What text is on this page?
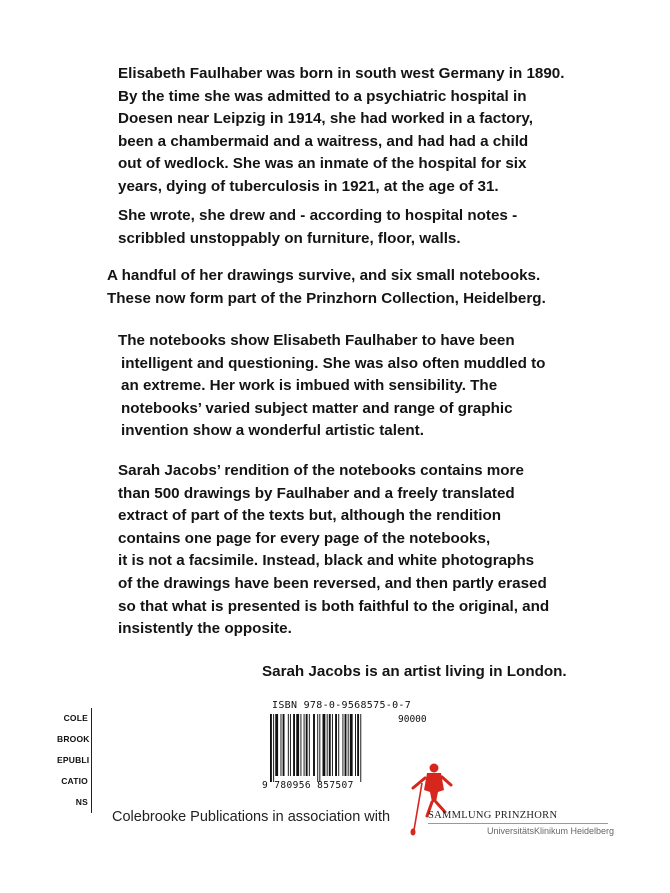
Elisabeth Faulhaber was born in south west Germany in 1890.
By the time she was admitted to a psychiatric hospital in
Doesen near Leipzig in 1914, she had worked in a factory,
been a chambermaid and a waitress, and had had a child
out of wedlock. She was an inmate of the hospital for six
years, dying of tuberculosis in 1921, at the age of 31.
She wrote, she drew and - according to hospital notes -
scribbled unstoppably on furniture, floor, walls.
A handful of her drawings survive, and six small notebooks.
These now form part of the Prinzhorn Collection, Heidelberg.
The notebooks show Elisabeth Faulhaber to have been
intelligent and questioning. She was also often muddled to
an extreme. Her work is imbued with sensibility. The
notebooks’ varied subject matter and range of graphic
invention show a wonderful artistic talent.
Sarah Jacobs’ rendition of the notebooks contains more
than 500 drawings by Faulhaber and a freely translated
extract of part of the texts but, although the rendition
contains one page for every page of the notebooks,
it is not a facsimile. Instead, black and white photographs
of the drawings have been reversed, and then partly erased
so that what is presented is both faithful to the original, and
insistently the opposite.
Sarah Jacobs is an artist living in London.
COLE
BROOK
EPUBLI
CATIO
NS
ISBN 978-0-9568575-0-7
90000
9 780956 857507
Colebrooke Publications in association with	SAMMLUNG PRINZHORN
UniversitätsKlinikum Heidelberg
